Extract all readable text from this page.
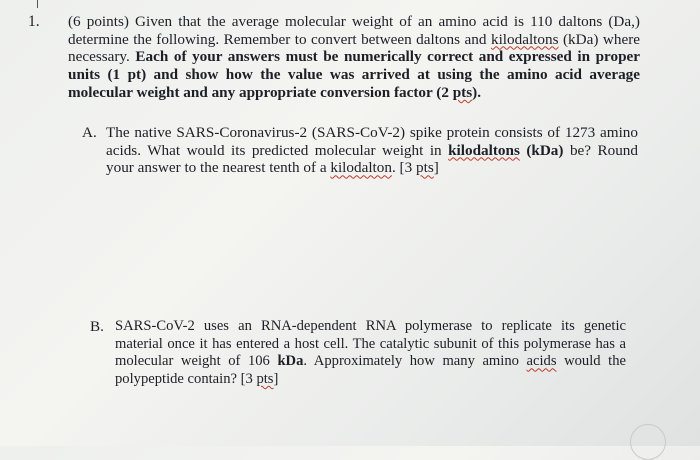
1. (6 points) Given that the average molecular weight of an amino acid is 110 daltons (Da,) determine the following. Remember to convert between daltons and kilodaltons (kDa) where necessary. Each of your answers must be numerically correct and expressed in proper units (1 pt) and show how the value was arrived at using the amino acid average molecular weight and any appropriate conversion factor (2 pts).

A. The native SARS-Coronavirus-2 (SARS-CoV-2) spike protein consists of 1273 amino acids. What would its predicted molecular weight in kilodaltons (kDa) be? Round your answer to the nearest tenth of a kilodalton. [3 pts]

B. SARS-CoV-2 uses an RNA-dependent RNA polymerase to replicate its genetic material once it has entered a host cell. The catalytic subunit of this polymerase has a molecular weight of 106 kDa. Approximately how many amino acids would the polypeptide contain? [3 pts]
